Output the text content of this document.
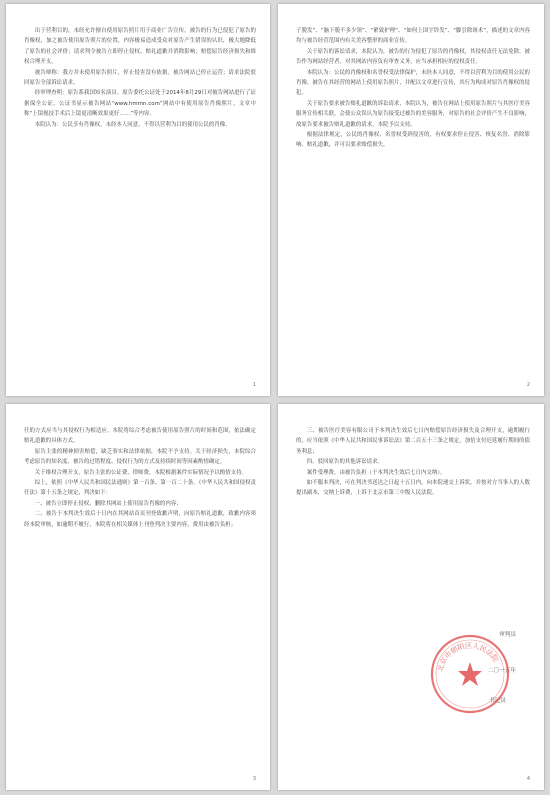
出于营利目的，未经允许擅自使用原告照片用于商业广告宣传，被告的行为已侵犯了原告的肖像权，加之被告使用原告照片的位置，内容极易造成受众对原告产生错误的认识，极大地降低了原告的社会评价；请求判令被告立即停止侵权、赔礼道歉并消除影响；赔偿原告经济损失和维权合理开支。

被告辩称：我方并未使用原告照片，停止侵害没有依据。被告网站已停止运营；请求法院驳回原告全部诉讼请求。

经审理查明：原告系我国知名演员。原告委托公证处于2014年8月29日对被告网站进行了证据保全公证，公证书显示被告网站“www.hmmn.com”网站中有使用原告肖像照片，文章中称“上镜视技手术后上镜更清晰效果更好……”等内容。

本院认为：公民享有肖像权，未经本人同意，不得以营利为目的使用公民的肖像。

1

子脱发”、“脑下脱不多少领”、“紧致护理”、“如何上国字铃发”、“脚引除斑术”，描述的文章内容均与被告经营范围内有关美容整形的商业宣传。

关于原告的诉讼请求，本院认为，被告的行为侵犯了原告的肖像权，其侵权责任无法免除。被告作为网站经营者，对其网站内容负有审查义务，应当承担相应的侵权责任。

本院认为：公民的肖像权和名誉权受法律保护，未经本人同意，不得以营利为目的使用公民的肖像。被告在其经营的网站上使用原告照片，并配以文章进行宣传，其行为构成对原告肖像权的侵犯。

关于原告要求被告赔礼道歉的诉讼请求，本院认为，被告在网站上使用原告照片与其医疗美容服务宣传相关联，会使公众误认为原告接受过被告的美容服务，对原告的社会评价产生不良影响，故原告要求被告赔礼道歉的请求，本院予以支持。

根据法律规定，公民的肖像权、名誉权受到侵害的，有权要求停止侵害、恢复名誉、消除影响、赔礼道歉，并可以要求赔偿损失。

2

任的方式应当与其侵权行为相适应。本院将综合考虑被告使用原告照片的时间和范围，依法确定赔礼道歉的具体方式。

原告主张的精神损害赔偿，缺乏事实和法律依据，本院不予支持。关于经济损失，本院综合考虑原告的知名度、被告的过错程度、侵权行为的方式及持续时间等因素酌情确定。

关于维权合理开支，原告主张的公证费、律师费，本院根据案件实际情况予以酌情支持。

综上，依照《中华人民共和国民法通则》第一百条、第一百二十条，《中华人民共和国侵权责任法》第十五条之规定，判决如下：

一、被告立即停止侵权，删除其网站上使用原告肖像的内容；

二、被告于本判决生效后十日内在其网站首页刊登致歉声明，向原告赔礼道歉，致歉内容须经本院审核，如逾期不履行，本院将在相关媒体上刊登判决主要内容，费用由被告负担；

3

三、被告医疗美容有限公司于本判决生效后七日内赔偿原告经济损失及合理开支，逾期履行的，应当依照《中华人民共和国民事诉讼法》第二百五十三条之规定，加倍支付迟延履行期间的债务利息；

四、驳回原告的其他诉讼请求。

案件受理费，由被告负担（于本判决生效后七日内交纳）。

如不服本判决，可在判决书送达之日起十五日内，向本院递交上诉状，并按对方当事人的人数提出副本，交纳上诉费，上诉于北京市第三中级人民法院。

审判员
二〇一五年
书记员
北京市朝阳区人民法院
4
